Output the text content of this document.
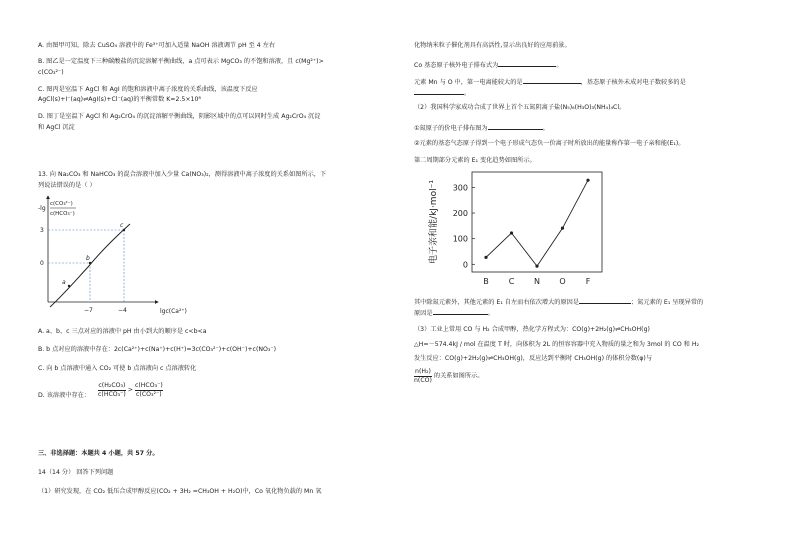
A. 由图甲可知，除去 CuSO₄ 溶液中的 Fe³⁺可加入适量 NaOH 溶液调节 pH 至 4 左右
B. 图乙是一定温度下三种碳酸盐的沉淀溶解平衡曲线，a 点可表示 MgCO₃ 的不饱和溶液，且 c(Mg²⁺)>
c(CO₃²⁻)
C. 图丙是室温下 AgCl 和 AgI 的饱和溶液中离子浓度的关系曲线，该温度下反应
AgCl(s)+I⁻(aq)⇌AgI(s)+Cl⁻(aq)的平衡常数 K=2.5×10⁸
D. 图丁是室温下 AgCl 和 Ag₂CrO₄ 的沉淀溶解平衡曲线，阴影区域中的点可以同时生成 Ag₂CrO₄ 沉淀
和 AgCl 沉淀
13. 向 Na₂CO₃ 和 NaHCO₃ 的混合溶液中加入少量 Ca(NO₃)₂，测得溶液中离子浓度的关系如图所示，下
列说法错误的是（ ）
-lg
c(CO₃²⁻)
c(HCO₃⁻)
a
b
c
3
0
−7	−4	lgc(Ca²⁺)
A. a、b、c 三点对应的溶液中 pH 由小到大的顺序是 c<b<a
B. b 点对应的溶液中存在：2c(Ca²⁺)+c(Na⁺)+c(H⁺)=3c(CO₃²⁻)+c(OH⁻)+c(NO₃⁻)
C. 向 b 点溶液中通入 CO₂ 可使 b 点溶液向 c 点溶液转化
D. 该溶液中存在：
c(H₂CO₃)
c(HCO₃⁻)
>
c(HCO₃⁻)
c(CO₃²⁻)
三、非选择题：本题共 4 小题，共 57 分。
14（14 分） 回答下列问题
（1）研究发现，在 CO₂ 低压合成甲醇反应(CO₂ + 3H₂ =CH₃OH + H₂O)中，Co 氧化物负载的 Mn 氧
化物纳米粒子催化剂具有高活性,显示出良好的应用前景。
Co 基态原子核外电子排布式为	。
元素 Mn 与 O 中，第一电离能较大的是	，基态原子核外未成对电子数较多的是
。
（2）我国科学家成功合成了世界上首个五氮阴离子盐(N₅)₆(H₃O)₃(NH₄)₄Cl。
①氮原子的价电子排布图为	。
②元素的基态气态原子得到一个电子形成气态负一价离子时所放出的能量称作第一电子亲和能(E₁)。
第二周期部分元素的 E₁ 变化趋势如图所示。
0
100
200
300
电子亲和能/kJ·mol⁻¹
B C N O	F
其中除氮元素外，其他元素的 E₁ 自左而右依次增大的原因是	；氮元素的 E₁ 呈现异常的
原因是	。
（3）工业上常用 CO 与 H₂ 合成甲醇，热化学方程式为：CO(g)+2H₂(g)⇌CH₃OH(g)
△H=－574.4kJ / mol 在温度 T 时，向体积为 2L 的恒容容器中充入物质的量之和为 3mol 的 CO 和 H₂
发生反应：CO(g)+2H₂(g)⇌CH₃OH(g)，反应达到平衡时 CH₃OH(g) 的体积分数(φ)与
$\frac{\text{n(H₂)}}{n(CO)}$ 的关系如图所示。
